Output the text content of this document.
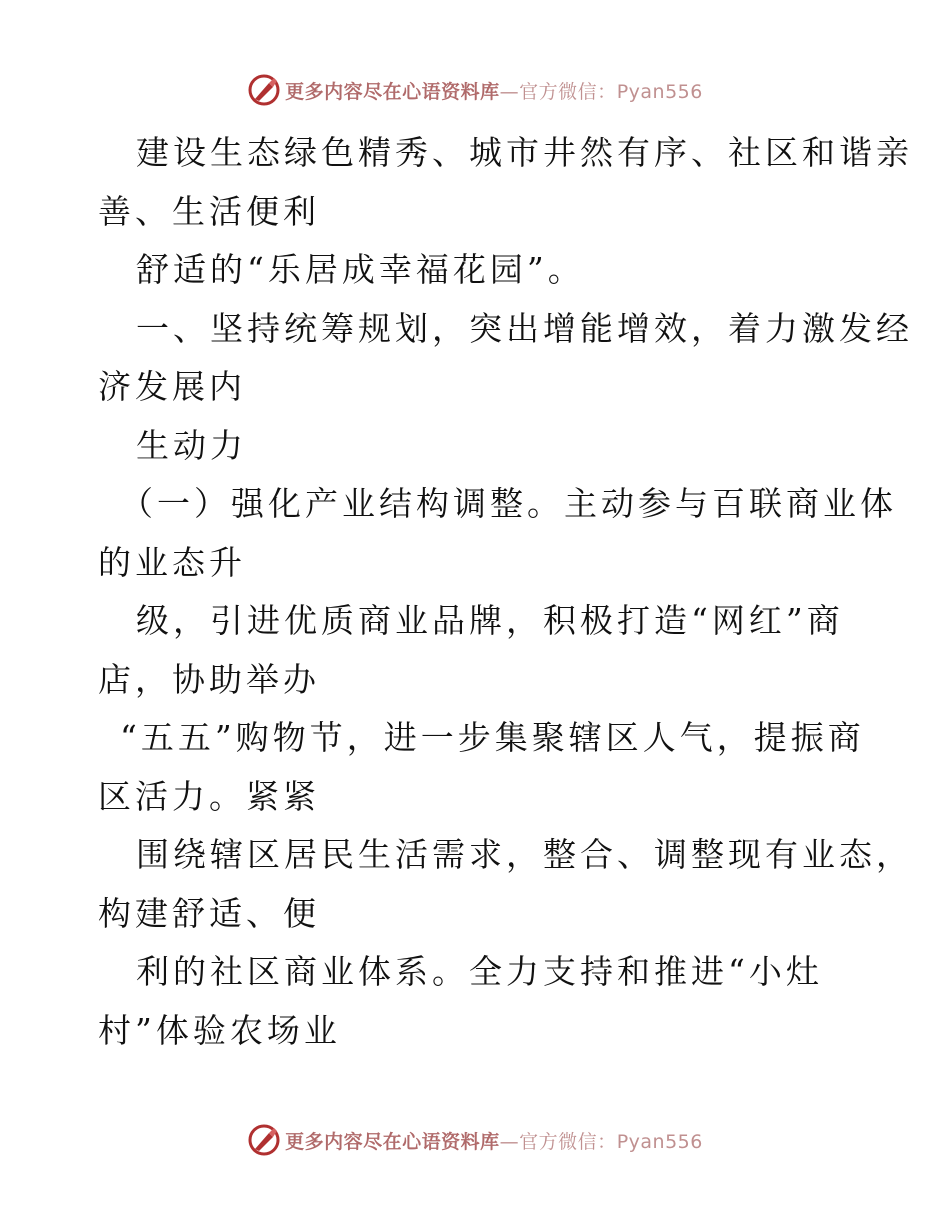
更多内容尽在心语资料库—官方微信：Pyan556
建设生态绿色精秀、城市井然有序、社区和谐亲
善、生活便利
舒适的“乐居成幸福花园”。
一、坚持统筹规划，突出增能增效，着力激发经
济发展内
生动力
（一）强化产业结构调整。主动参与百联商业体
的业态升
级，引进优质商业品牌，积极打造“网红”商
店，协助举办
“五五”购物节，进一步集聚辖区人气，提振商
区活力。紧紧
围绕辖区居民生活需求，整合、调整现有业态，
构建舒适、便
利的社区商业体系。全力支持和推进“小灶
村”体验农场业
更多内容尽在心语资料库—官方微信：Pyan556
